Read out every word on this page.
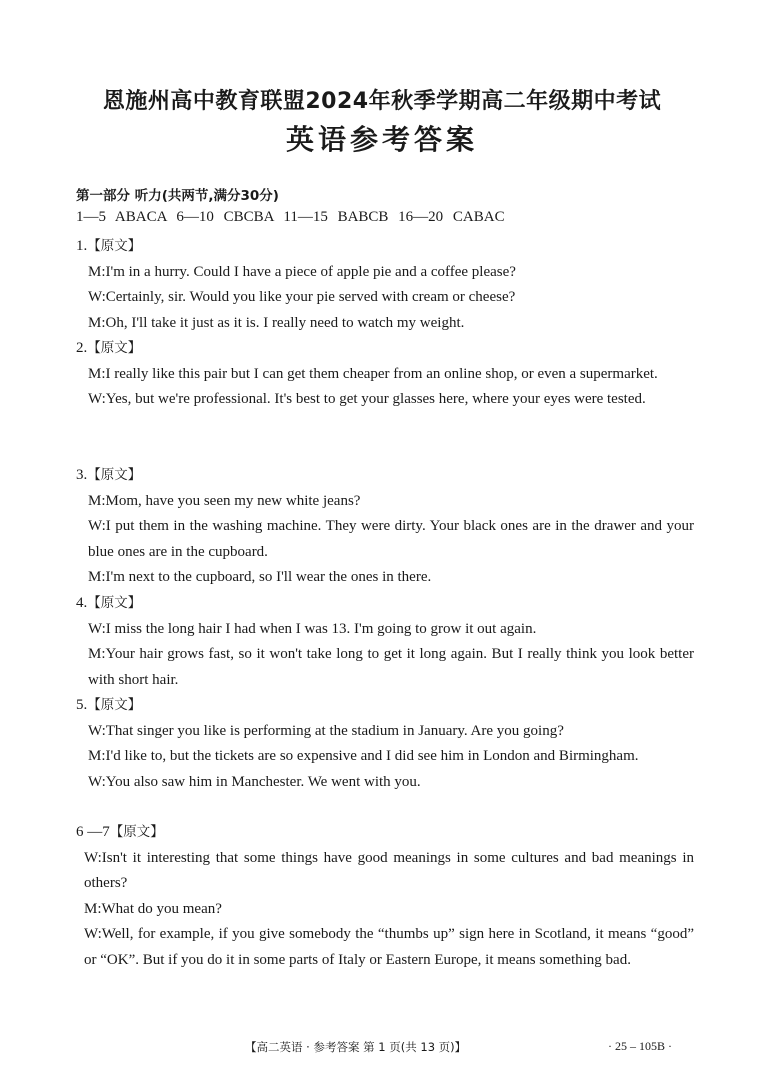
恩施州高中教育联盟2024年秋季学期高二年级期中考试
英语参考答案
第一部分 听力(共两节,满分30分)
1—5 ABACA 6—10 CBCBA 11—15 BABCB 16—20 CABAC

1.【原文】

M:I'm in a hurry. Could I have a piece of apple pie and a coffee please?

W:Certainly, sir. Would you like your pie served with cream or cheese?

M:Oh, I'll take it just as it is. I really need to watch my weight.

2.【原文】

M:I really like this pair but I can get them cheaper from an online shop, or even a supermarket.

W:Yes, but we're professional. It's best to get your glasses here, where your eyes were tested.

3.【原文】

M:Mom, have you seen my new white jeans?

W:I put them in the washing machine. They were dirty. Your black ones are in the drawer and your blue ones are in the cupboard.

M:I'm next to the cupboard, so I'll wear the ones in there.

4.【原文】

W:I miss the long hair I had when I was 13. I'm going to grow it out again.

M:Your hair grows fast, so it won't take long to get it long again. But I really think you look better with short hair.

5.【原文】

W:That singer you like is performing at the stadium in January. Are you going?

M:I'd like to, but the tickets are so expensive and I did see him in London and Birmingham.

W:You also saw him in Manchester. We went with you.

6 —7【原文】

W:Isn't it interesting that some things have good meanings in some cultures and bad meanings in others?

M:What do you mean?

W:Well, for example, if you give somebody the “thumbs up” sign here in Scotland, it means “good” or “OK”. But if you do it in some parts of Italy or Eastern Europe, it means something bad.

【高二英语 · 参考答案 第 1 页(共 13 页)】	· 25 – 105B ·
